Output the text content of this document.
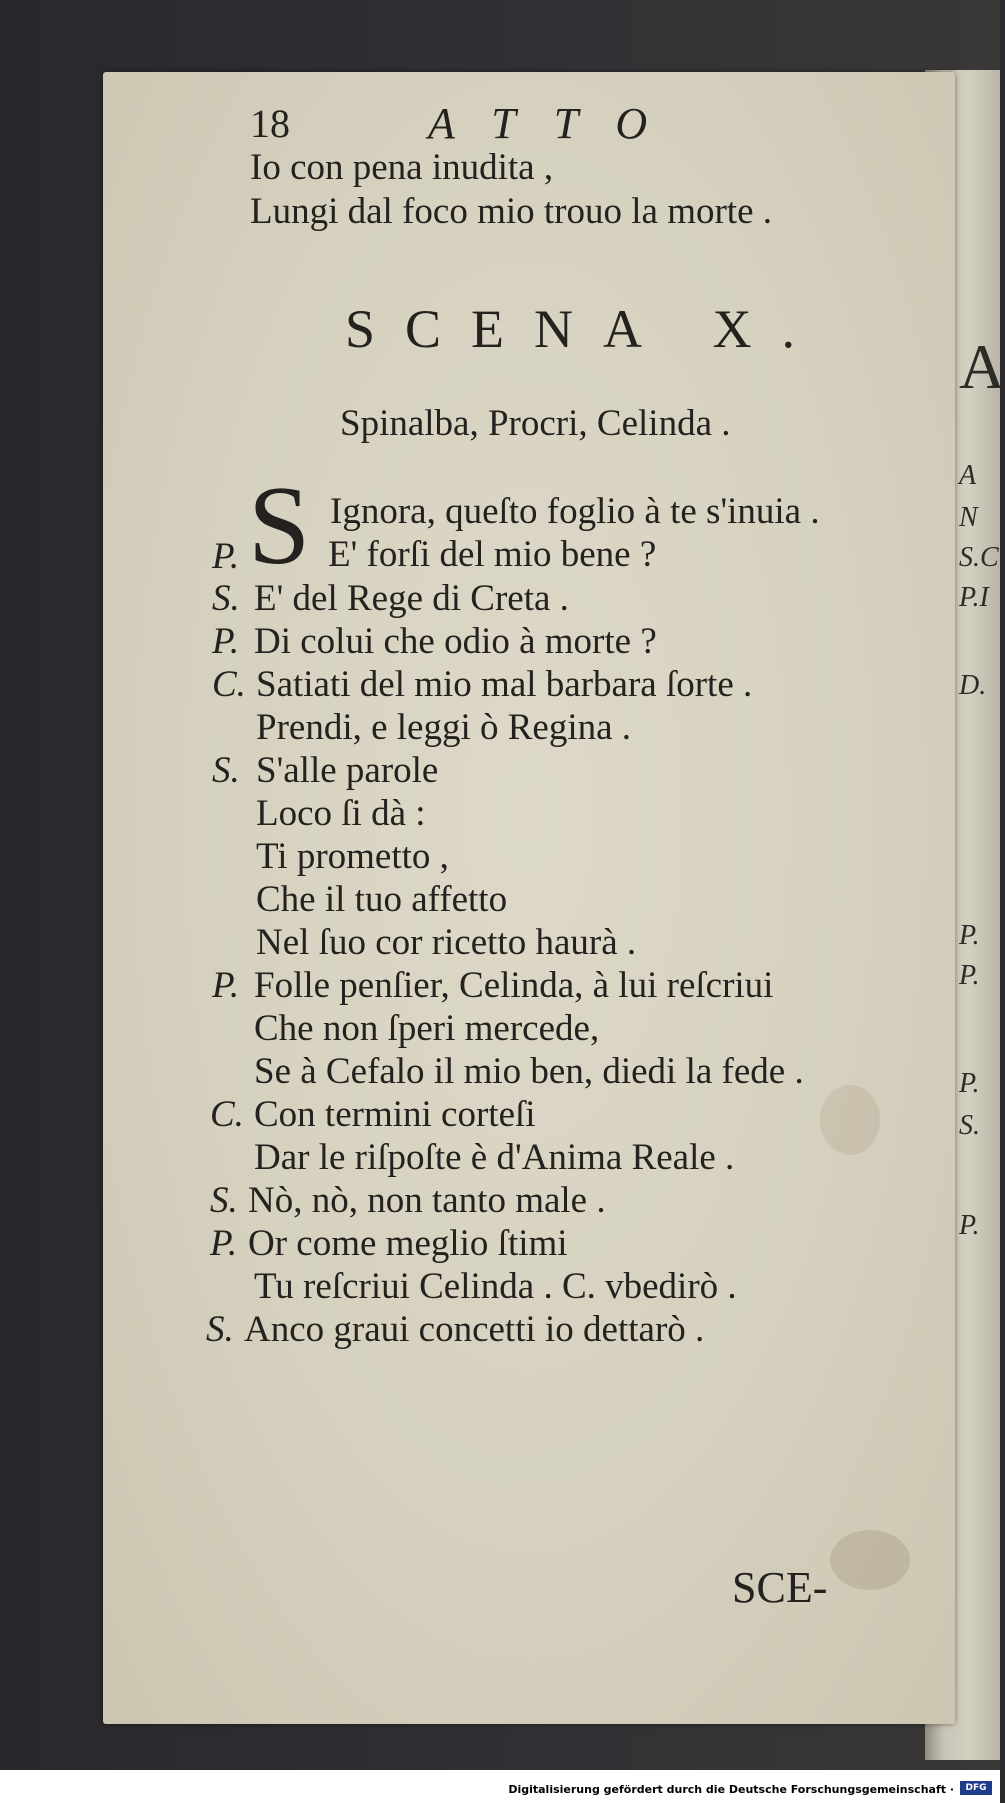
A
A
N
S.C
P.I
D.
P.
P.
P.
S.
P.
18	ATTO
Io con pena inudita ,
Lungi dal foco mio trouo la morte .
SCENA X.
Spinalba, Procri, Celinda .
S Ignora, queſto foglio à te s'inuia .
P. E' forſi del mio bene ?
S. E' del Rege di Creta .
P. Di colui che odio à morte ?
C. Satiati del mio mal barbara ſorte .
Prendi, e leggi ò Regina .
S. S'alle parole
Loco ſi dà :
Ti prometto ,
Che il tuo affetto
Nel ſuo cor ricetto haurà .
P. Folle penſier, Celinda, à lui reſcriui
Che non ſperi mercede,
Se à Cefalo il mio ben, diedi la fede .
C. Con termini corteſi
Dar le riſpoſte è d'Anima Reale .
S. Nò, nò, non tanto male .
P. Or come meglio ſtimi
Tu reſcriui Celinda . C. vbedirò .
S. Anco graui concetti io dettarò .
SCE-
Digitalisierung gefördert durch die Deutsche Forschungsgemeinschaft ·	DFG
